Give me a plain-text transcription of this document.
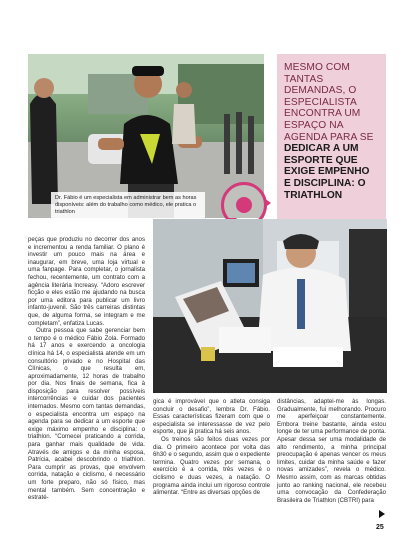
Dr. Fábio é um especialista em administrar bem as horas disponíveis: além do trabalho como médico, ele pratica o triathlon
MESMO COM TANTAS DEMANDAS, O ESPECIALISTA ENCONTRA UM ESPAÇO NA AGENDA PARA SE
DEDICAR A UM ESPORTE QUE EXIGE EMPENHO E DISCIPLINA: O TRIATHLON

peças que produziu no decorrer dos anos e incrementou a renda familiar. O plano é investir um pouco mais na área e inaugurar, em breve, uma loja virtual e uma fanpage. Para completar, o jornalista fechou, recentemente, um contrato com a agência literária Increasy. “Adoro escrever ficção e eles estão me ajudando na busca por uma editora para publicar um livro infanto-juvenil. São três carreiras distintas que, de alguma forma, se integram e me completam”, enfatiza Lucas.

Outra pessoa que sabe gerenciar bem o tempo é o médico Fábio Zola. Formado há 17 anos e exercendo a oncologia clínica há 14, o especialista atende em um consultório privado e no Hospital das Clínicas, o que resulta em, aproximadamente, 12 horas de trabalho por dia. Nos finais de semana, fica à disposição para resolver possíveis intercorrências e cuidar dos pacientes internados. Mesmo com tantas demandas, o especialista encontra um espaço na agenda para se dedicar a um esporte que exige máximo empenho e disciplina: o triathlon. “Comecei praticando a corrida, para ganhar mais qualidade de vida. Através de amigos e da minha esposa, Patrícia, acabei descobrindo o triathlon. Para cumprir as provas, que envolvem corrida, natação e ciclismo, é necessário um forte preparo, não só físico, mas mental também. Sem concentração e estraté-

gica é improvável que o atleta consiga concluir o desafio”, lembra Dr. Fábio. Essas características fizeram com que o especialista se interessasse de vez pelo esporte, que já pratica há seis anos.

Os treinos são feitos duas vezes por dia. O primeiro acontece por volta das 6h30 e o segundo, assim que o expediente termina. Quatro vezes por semana, o exercício é a corrida, três vezes é o ciclismo e duas vezes, a natação. O programa ainda inclui um rigoroso controle alimentar. “Entre as diversas opções de

distâncias, adaptei-me às longas. Gradualmente, fui melhorando. Procuro me aperfeiçoar constantemente. Embora treine bastante, ainda estou longe de ter uma performance de ponta. Apesar dessa ser uma modalidade de alto rendimento, a minha principal preocupação é apenas vencer os meus limites, cuidar da minha saúde e fazer novas amizades”, revela o médico. Mesmo assim, com as marcas obtidas junto ao ranking nacional, ele recebeu uma convocação da Confederação Brasileira de Triathlon (CBTRI) para

25
